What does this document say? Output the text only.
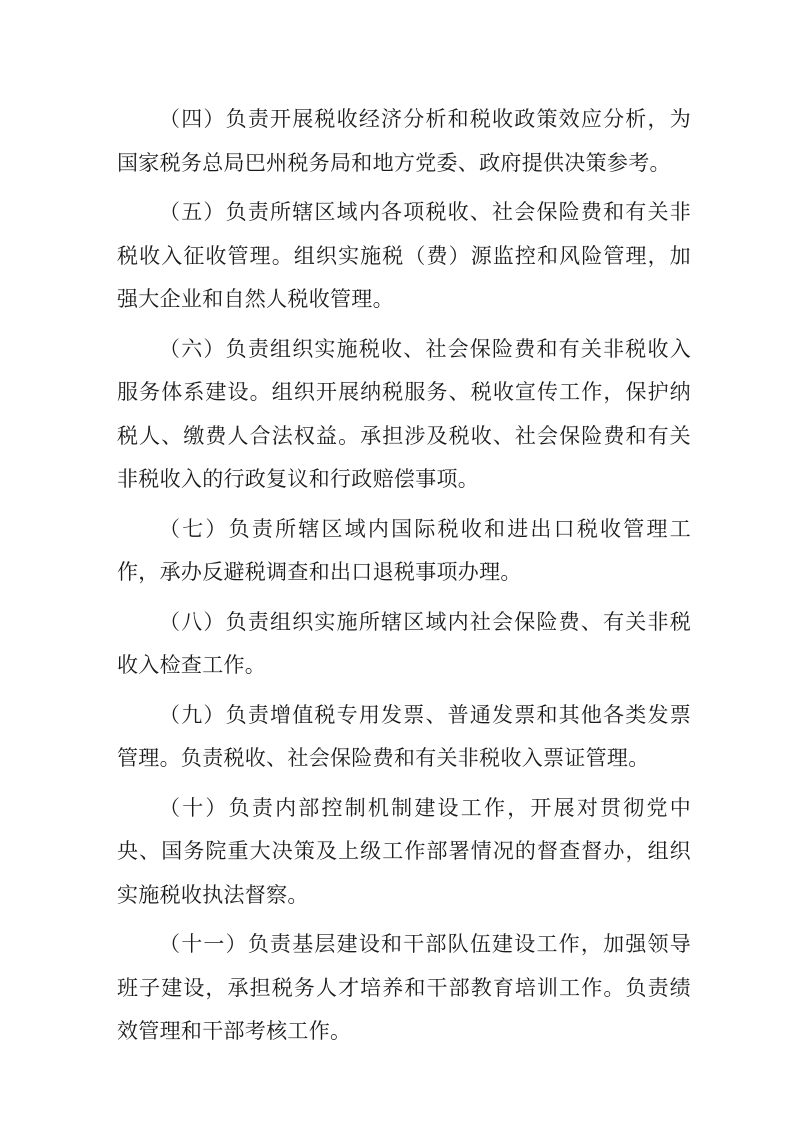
（四）负责开展税收经济分析和税收政策效应分析，为国家税务总局巴州税务局和地方党委、政府提供决策参考。

（五）负责所辖区域内各项税收、社会保险费和有关非税收入征收管理。组织实施税（费）源监控和风险管理，加强大企业和自然人税收管理。

（六）负责组织实施税收、社会保险费和有关非税收入服务体系建设。组织开展纳税服务、税收宣传工作，保护纳税人、缴费人合法权益。承担涉及税收、社会保险费和有关非税收入的行政复议和行政赔偿事项。

（七）负责所辖区域内国际税收和进出口税收管理工作，承办反避税调查和出口退税事项办理。

（八）负责组织实施所辖区域内社会保险费、有关非税收入检查工作。

（九）负责增值税专用发票、普通发票和其他各类发票管理。负责税收、社会保险费和有关非税收入票证管理。

（十）负责内部控制机制建设工作，开展对贯彻党中央、国务院重大决策及上级工作部署情况的督查督办，组织实施税收执法督察。

（十一）负责基层建设和干部队伍建设工作，加强领导班子建设，承担税务人才培养和干部教育培训工作。负责绩效管理和干部考核工作。
